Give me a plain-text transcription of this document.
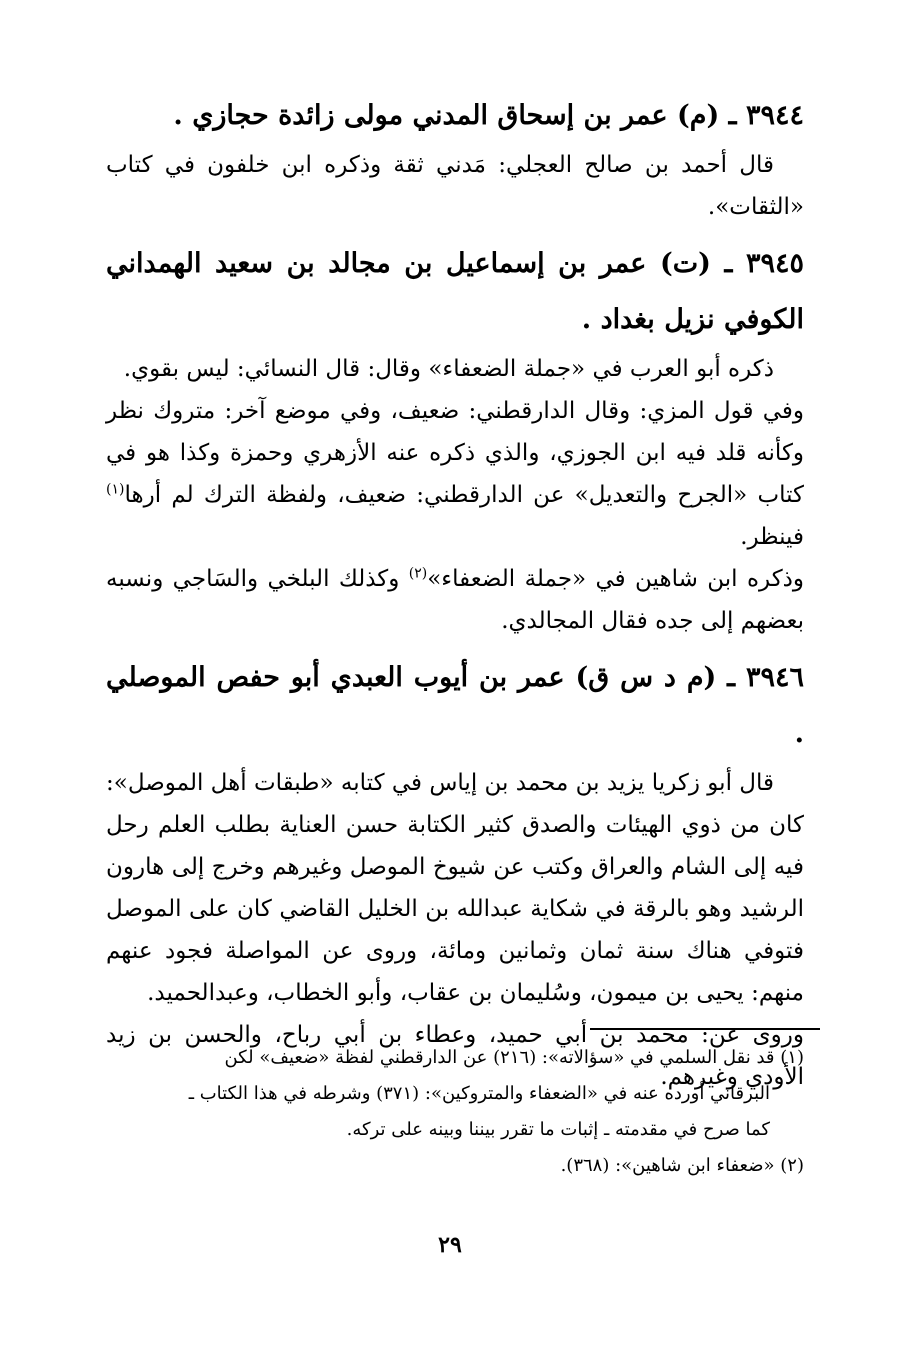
٣٩٤٤ ـ (م) عمر بن إسحاق المدني مولى زائدة حجازي .

قال أحمد بن صالح العجلي: مَدني ثقة وذكره ابن خلفون في كتاب «الثقات».

٣٩٤٥ ـ (ت) عمر بن إسماعيل بن مجالد بن سعيد الهمداني الكوفي نزيل بغداد .

ذكره أبو العرب في «جملة الضعفاء» وقال: قال النسائي: ليس بقوي.

وفي قول المزي: وقال الدارقطني: ضعيف، وفي موضع آخر: متروك نظر وكأنه قلد فيه ابن الجوزي، والذي ذكره عنه الأزهري وحمزة وكذا هو في كتاب «الجرح والتعديل» عن الدارقطني: ضعيف، ولفظة الترك لم أرها$^{(١)}$ فينظر.

وذكره ابن شاهين في «جملة الضعفاء»$^{(٢)}$ وكذلك البلخي والسَاجي ونسبه بعضهم إلى جده فقال المجالدي.

٣٩٤٦ ـ (م د س ق) عمر بن أيوب العبدي أبو حفص الموصلي .

قال أبو زكريا يزيد بن محمد بن إياس في كتابه «طبقات أهل الموصل»: كان من ذوي الهيئات والصدق كثير الكتابة حسن العناية بطلب العلم رحل فيه إلى الشام والعراق وكتب عن شيوخ الموصل وغيرهم وخرج إلى هارون الرشيد وهو بالرقة في شكاية عبدالله بن الخليل القاضي كان على الموصل فتوفي هناك سنة ثمان وثمانين ومائة، وروى عن المواصلة فجود عنهم منهم: يحيى بن ميمون، وسُليمان بن عقاب، وأبو الخطاب، وعبدالحميد.

وروى عن: محمد بن أبي حميد، وعطاء بن أبي رباح، والحسن بن زيد الأودي وغيرهم.

(١) قد نقل السلمي في «سؤالاته»: (٢١٦) عن الدارقطني لفظة «ضعيف» لكن

البرقاني أورده عنه في «الضعفاء والمتروكين»: (٣٧١) وشرطه في هذا الكتاب ـ

كما صرح في مقدمته ـ إثبات ما تقرر بيننا وبينه على تركه.

(٢) «ضعفاء ابن شاهين»: (٣٦٨).

٢٩
